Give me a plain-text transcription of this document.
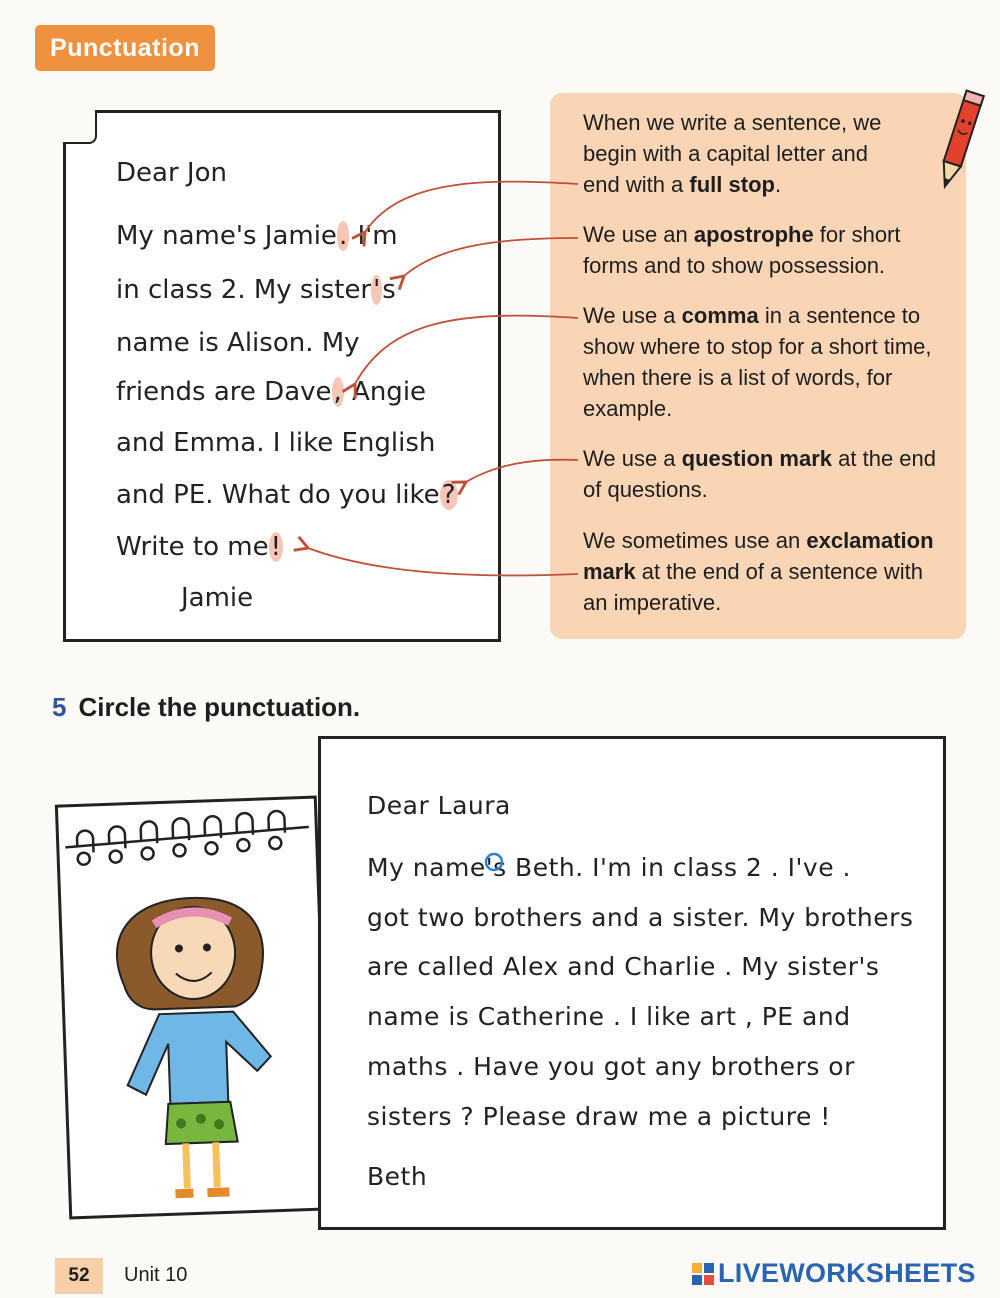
Punctuation
Dear Jon
My name's Jamie. I'm
in class 2. My sister's
name is Alison. My
friends are Dave, Angie
and Emma. I like English
and PE. What do you like?
Write to me!
Jamie
When we write a sentence, we begin with a capital letter and end with a full stop.
We use an apostrophe for short forms and to show possession.
We use a comma in a sentence to show where to stop for a short time, when there is a list of words, for example.
We use a question mark at the end of questions.
We sometimes use an exclamation mark at the end of a sentence with an imperative.
5 Circle the punctuation.
Dear Laura
My name's Beth. I'm in class 2 . I've .
got two brothers and a sister. My brothers
are called Alex and Charlie . My sister's
name is Catherine . I like art , PE and
maths . Have you got any brothers or
sisters ? Please draw me a picture !
Beth
52	Unit 10	LIVEWORKSHEETS
